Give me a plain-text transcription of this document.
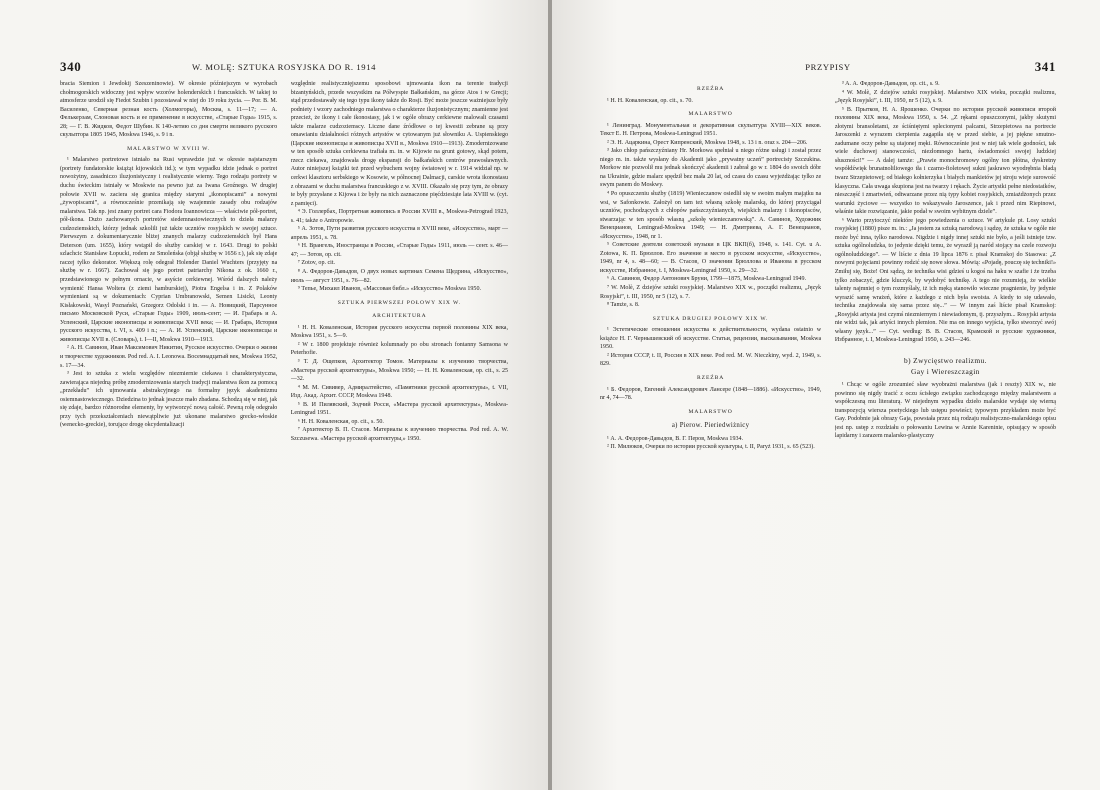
340	W. MOLĘ: SZTUKA ROSYJSKA DO R. 1914

bracia Siemion i Jewdokij Szeszeninowie). W okresie późniejszym w wyrobach chołmogorskich widoczny jest wpływ wzorów holenderskich i francuskich. W takiej to atmosferze urodził się Fiedot Szubin i pozostawał w niej do 19 roku życia. — Por. B. M. Василенко, Северная резная кость (Холмогоры), Москва, s. 11—17; — А. Фелькерзам, Слоновая кость и ее применение в искусстве, «Старые Годы» 1915, s. 28; — Г. В. Жидков, Федот Шубин. К 140-летию со дня смерти великого русского скульптора 1805 1945, Moskwa 1946, s. 9 i n.

MALARSTWO W XVIII W.

¹ Malarstwo portretowe istniało na Rusi wprawdzie już w okresie najstarszym (portrety fundatorskie książąt kijowskich itd.); w tym wypadku idzie jednak o portret nowożytny, zasadniczo iluzjonistyczny i realistycznie wierny. Tego rodzaju portrety w duchu świeckim istniały w Moskwie na pewno już za Iwana Groźnego. W drugiej połowie XVII w. zaciera się granica między starymi „ikonopiscami” a nowymi „żywopiscami”, a równocześnie przenikają się wzajemnie zasady obu rodzajów malarstwa. Tak np. jest znany portret cara Fiodora Ioannowicza — właściwie pół-portret, pół-ikona. Dużo zachowanych portretów siedemnastowiecznych to dzieła malarzy cudzoziemskich, którzy jednak szkolili już także uczniów rosyjskich w swojej sztuce. Pierwszym z dokumentarycznie bliżej znanych malarzy cudzoziemskich był Hans Deterson (um. 1655), który wstąpił do służby carskiej w r. 1643. Drugi to polski szlachcic Stanisław Łopucki, rodem ze Smoleńska (objął służbę w 1656 r.), jak się zdaje raczej tylko dekorator. Większą rolę odegrał Holender Daniel Wuchters (przyjęty na służbę w r. 1667). Zachował się jego portret patriarchy Nikona z ok. 1660 r., przedstawionego w pełnym ornacie, w asyście cerkiewnej. Wśród dalszych należy wymienić Hansa Woltera (z ziemi hamburskiej), Piotra Engelsa i in. Z Polaków wymieniani są w dokumentach: Cyprian Umbranowski, Semen Lisicki, Leonty Kisłakowski, Wasyl Poznański, Grzegorz Odolski i in. — А. Новицкий, Парсунное письмо Московской Руси, «Старые Годы» 1909, июль-сент; — И. Грабарь и А. Успенский, Царские иконописцы и живописцы XVII века; — И. Грабарь, История русского искусства, t. VI, s. 409 i n.; — А. И. Успенский, Царские иконописцы и живописцы XVII в. (Словарь), t. I—II, Moskwa 1910—1913.

² А. Н. Савинов, Иван Максимович Никитин, Русское искусство. Очерки о жизни и творчестве художников. Pod red. A. I. Leonowa. Восемнадцатый век, Moskwa 1952, s. 17—34.

³ Jest to sztuka z wielu względów niezmiernie ciekawa i charakterystyczna, zawierająca niejedną próbę zmodernizowania starych tradycji malarstwa ikon za pomocą „przekładu” ich ujmowania abstrakcyjnego na formalny język akademizmu osiemnastowiecznego. Dziedzina to jednak jeszcze mało zbadana. Schodzą się w niej, jak się zdaje, bardzo różnorodne elementy, by wytworzyć nową całość. Pewną rolę odegrało przy tych przekształceniach niewątpliwie już ukonane malarstwo grecko-włoskie (wenecko-greckie), torujące drogę okcydentalizacji

względnie realistycznięjszemu sposobowi ujmowania ikon na terenie tradycji bizantyńskich, przede wszystkim na Półwyspie Bałkańskim, na górze Atos i w Grecji; stąd przedostawały się tego typu ikony także do Rosji. Być może jeszcze ważniejsze były podniety i wzory zachodniego malarstwa o charakterze iluzjonistycznym; znamienne jest przecież, że ikony i całe ikonostasy, jak i w ogóle obrazy cerkiewne malowali czasami także malarze cudzoziemscy. Liczne dane źródłowe o tej kwestii zebrane są przy omawianiu działalności różnych artystów w cytowanym już słowniku A. Uspienskiego (Царские иконописцы и живописцы XVII в., Moskwa 1910—1913). Zmodernizowane w ten sposób sztuka cerkiewna trafiała m. in. w Kijowie na grunt gotowy, skąd potem, rzecz ciekawa, znajdowała drogę ekspansji do bałkańskich centrów prawosławnych. Autor niniejszej książki też przed wybuchem wojny światowej w r. 1914 widział np. w cerkwi klasztoru serbskiego w Kosowie, w północnej Dalmacji, carskie wrota ikonostasu z obrazami w duchu malarstwa francuskiego z w. XVIII. Okazało się przy tym, że obrazy te były przysłane z Kijowa i że były na nich zaznaczone pięćdziesiąte lata XVIII w. (cyt. z pamięci).

⁴ Э. Голлербах, Портретная живопись в России XVIII в., Moskwa-Petrograd 1923, s. 41; także o Antropowie.

⁵ А. Зотов, Пути развития русского искусства в XVIII веке, «Искусство», март — апрель 1951, s. 78.

⁶ Н. Врангель, Иностранцы в России, «Старые Годы» 1911, июль — сент. s. 46—47; — Зотов, op. cit.

⁷ Zotov, op. cit.

⁸ А. Федоров-Давыдов, О двух новых картинах Семена Щедрина, «Искусство», июль — август 1951, s. 76—82.

⁹ Тепье, Михаил Иванов, «Массовая библ.» «Искусство» Moskwa 1950.

SZTUKA PIERWSZEJ POŁOWY XIX W.
ARCHITEKTURA

¹ Н. Н. Коваленская, История русского искусства первой половины XIX века, Moskwa 1951, s. 5—9.

² W r. 1800 projektuje również kolumnady po obu stronach fontanny Samsona w Peterhofie.

³ Т. Д. Ощепков, Архитектор Томон. Материалы к изучению творчества, «Мастера русской архитектуры», Moskwa 1950; — Н. Н. Коваленская, op. cit., s. 25—32.

⁴ М. М. Сививер, Адмиралтейство, «Памятники русской архитектуры», t. VII, Изд. Акад. Архит. СССР, Moskwa 1948.

⁵ В. И Пилявский, Зодчий Росси, «Мастера русской архитектуры», Moskwa-Leningrad 1951.

⁶ Н. Н. Коваленская, op. cit., s. 50.

⁷ Архитектор В. П. Стасов. Материалы к изучению творчества. Pod red. A. W. Szczusewa. «Мастера русской архитектуры,» 1950.

PRZYPISY	341
RZEŹBA

¹ Н. Н. Коваленская, op. cit., s. 70.

MALARSTWO

¹ Ленинград. Монументальная и декоративная скульптура XVIII—XIX веков. Текст Е. Н. Петрова, Moskwa-Leningrad 1951.

² Э. Н. Ацаркина, Орест Кипренский, Moskwa 1948, s. 13 i n. oraz s. 204—206.

³ Jako chłop pańszczyźniany Hr. Morkowa spełniał u niego różne usługi i został przez niego m. in. także wysłany do Akademii jako „prywatny uczeń” portrecisty Szczukina. Morkow nie pozwolił mu jednak skończyć akademii i zabrał go w r. 1804 do swoich dóbr na Ukrainie, gdzie malarz spędził bez mała 20 lat, od czasu do czasu wyjeżdżając tylko ze swym panem do Moskwy.

⁴ Po opuszczeniu służby (1819) Wienieczanow osiedlił się w swoim małym majątku na wsi, w Safonkowie. Założył on tam też własną szkołę malarską, do której przyciągał uczniów, pochodzących z chłopów pańszczyźnianych, wiejskich malarzy i ikonopisców, stwarzając w ten sposób własną „szkołę wienieczanowską”. А. Савинов, Художник Венецианов, Leningrad-Moskwa 1949; — Н. Дмитриева, А. Г. Венецианов, «Искусство», 1948, nr 1.

⁵ Советские деятели советской музыки в ЦК ВКП(б), 1948, s. 141. Cyt. u A. Zotowa, К. П. Брюллов. Его значение и место в русском искусстве, «Искусство», 1949, nr 4, s. 48—60; — В. Стасов, О значении Брюллова и Иванова в русском искусстве, Избранное, t. I, Moskwa-Leningrad 1950, s. 29—32.

⁶ А. Савинов, Федор Антонович Бруни, 1799—1875, Moskwa-Leningrad 1949.

⁷ W. Molè, Z dziejów sztuki rosyjskiej. Malarstwo XIX w., początki realizmu, „Język Rosyjski”, t. III, 1950, nr 5 (12), s. 7.

⁸ Tamże, s. 8.

SZTUKA DRUGIEJ POŁOWY XIX W.

¹ Эстетические отношения искусства к действительности, wydana ostatnio w książce Н. Г. Чернышевский об искусстве. Статьи, рецензии, высказывания, Moskwa 1950.

² История СССР, t. II, Россия в XIX веке. Pod red. M. W. Nieczkiny, wyd. 2, 1949, s. 829.

RZEŹBA

¹ Б. Федоров, Евгений Александрович Лансере (1848—1886). «Искусство», 1949, nr 4, 74—78.

MALARSTWO
a) Pierow. Pieriedwiżnicy

¹ А. А. Федоров-Давыдов, В. Г. Перов, Moskwa 1934.

² П. Милюков, Очерки по истории русской культуры, t. II, Paryż 1931, s. 65 (523).

³ А. А. Федоров-Давыдов, op. cit., s. 9.

⁴ W. Molè, Z dziejów sztuki rosyjskiej. Malarstwo XIX wieku, początki realizmu, „Język Rosyjski”, t. III, 1950, nr 5 (12), s. 9.

⁵ В. Прытков, Н. А. Ярошенко. Очерки по истории русской живописи второй половины XIX века, Moskwa 1950, s. 54. „Z rękami opuszczonymi, jakby skutymi złotymi bransoletami, ze ściśniętymi splecionymi palcami, Strzepietowa na portrecie Jaroszenki z wyrazem cierpienia zagapiła się w przed siebie, a jej piękne smutno-zadumane oczy pełne są utajonej męki. Równocześnie jest w niej tak wiele godności, tak wiele duchowej stanowczości, niezłomnego hartu, świadomości swojej ludzkiej słuszności!” — A dalej tamże: „Prawie monochromowy ogólny ton płótna, dyskretny współdźwięk brunatnoliliowego tła i czarno-fioletowej sukni jaskrawo wyodrębnia bladą twarz Strzepietowej; od białego kołnierzyka i białych mankietów jej stroju wieje surowość klasyczna. Cała uwaga skupiona jest na twarzy i rękach. Życie artystki pełne niedostatków, nieszczęść i zmartwień, odtwarzane przez nią typy kobiet rosyjskich, zmiażdżonych przez warunki życiowe — wszystko to wskazywało Jaroszence, jak i przed nim Riepinowi, właśnie takie rozwiązanie, jakie podał w swoim wybitnym dziele”.

⁶ Warto przytoczyć niektóre jego powiedzenia o sztuce. W artykule pt. Losy sztuki rosyjskiej (1880) pisze m. in.: „Ja jestem za sztuką narodową i sądzę, że sztuka w ogóle nie może być inna, tylko narodowa. Nigdzie i nigdy innej sztuki nie było, a jeśli istnieje tzw. sztuka ogólnoludzka, to jedynie dzięki temu, że wyraził ją naród stojący na czele rozwoju ogólnoludzkiego”. — W liście z dnia 19 lipca 1876 r. pisał Kramskoj do Stasowa: „Z nowymi pojęciami powinny rodzić się nowe słowa. Mówią: «Pojadę, pouczę się techniki!» Zmiłuj się, Boże! Oni sądzą, że technika wisi gdzieś u kogoś na haku w szafie i że trzeba tylko zobaczyć, gdzie kluczyk, by wydobyć technikę. A tego nie rozumieją, że wielkie talenty najmniej o tym rozmyślały, iż ich męką stanowiło wieczne pragnienie, by jedynie wyrazić samę wrażeń, które z każdego z nich była swoista. A kiedy to się udawało, technika znajdowała się sama przez się...” — W innym zaś liście pisał Kramskoj: „Rosyjski artysta jest czymś niezmiernym i niewiadomym, tj. przyszłym... Rosyjski artysta nie widzi tak, jak artyści innych plemion. Nie ma on innego wyjścia, tylko stworzyć swój własny język...” — Cyt. według: В. В. Стасов, Крамской и русские художники, Избранное, t. I, Moskwa-Leningrad 1950, s. 243—246.

b) Zwycięstwo realizmu.
Gay i Wiereszczagin

¹ Chcąc w ogóle zrozumieć sław wyobrażni malarstwa (jak i reszty) XIX w., nie powinno się nigdy tracić z oczu ścisłego związku zachodzącego między malarstwem a współczesną mu literaturą. W niejednym wypadku dzieło malarskie wydaje się wierną transpozycją wiersza poetyckiego lub ustępu powieści; typowym przykładem może być Gay. Podobnie jak obrazy Gaja, powstała przez nią rodzaju realistyczno-malarskiego opisu jest np. ustęp z rozdziału o połowaniu Lewina w Annie Kareninie, opisujący w sposób lapidarny i zarazem malarsko-plastyczny
